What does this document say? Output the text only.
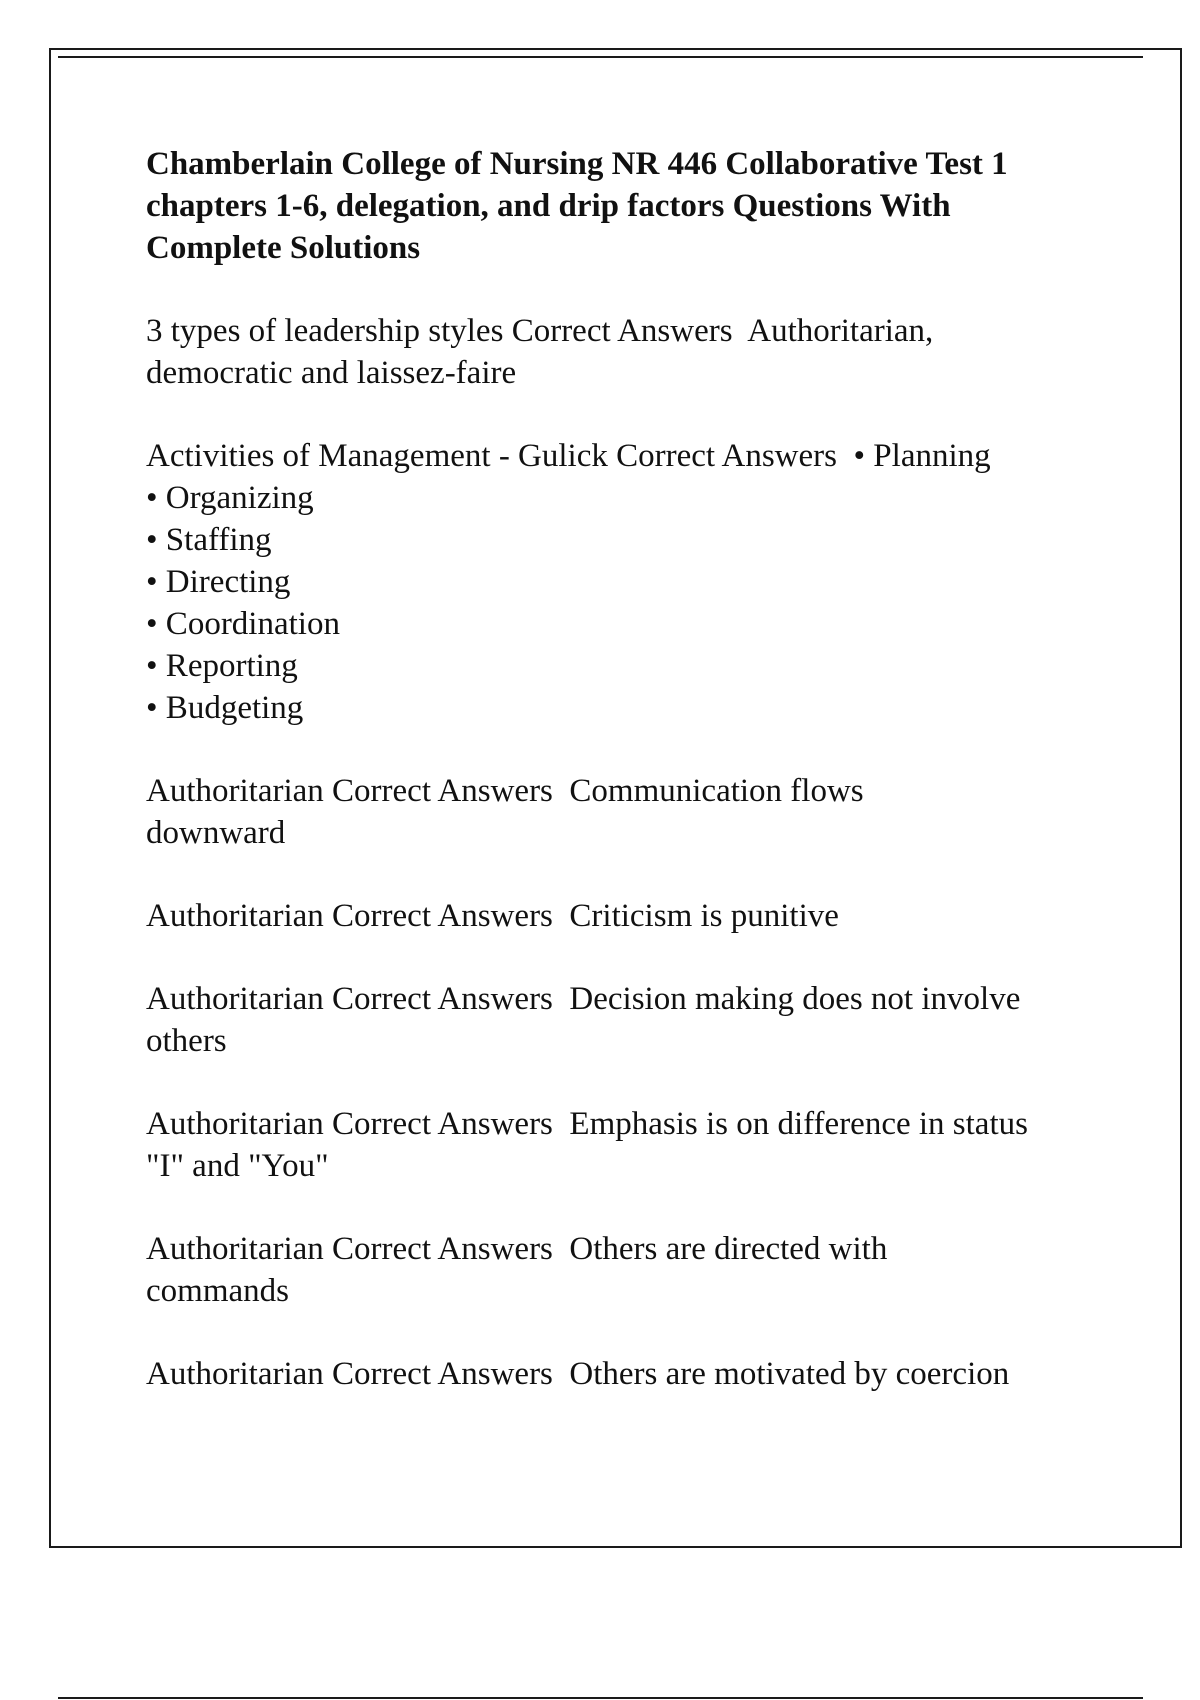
Chamberlain College of Nursing NR 446 Collaborative Test 1 chapters 1-6, delegation, and drip factors Questions With Complete Solutions
3 types of leadership styles Correct Answers Authoritarian, democratic and laissez-faire
Activities of Management - Gulick Correct Answers • Planning
• Organizing
• Staffing
• Directing
• Coordination
• Reporting
• Budgeting
Authoritarian Correct Answers Communication flows downward
Authoritarian Correct Answers Criticism is punitive
Authoritarian Correct Answers Decision making does not involve others
Authoritarian Correct Answers Emphasis is on difference in status "I" and "You"
Authoritarian Correct Answers Others are directed with commands
Authoritarian Correct Answers Others are motivated by coercion
